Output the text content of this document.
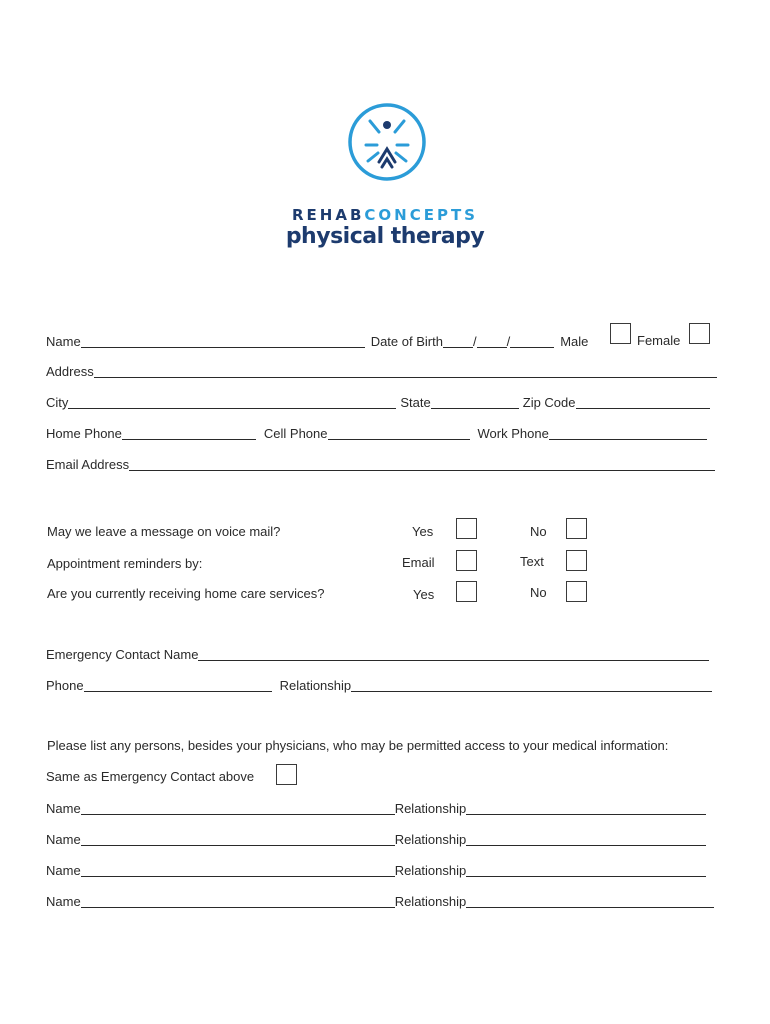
REHABCONCEPTS
physical therapy
Name	Date of Birth / /	Male	Female
Address
City	State	Zip Code
Home Phone	Cell Phone	Work Phone
Email Address
May we leave a message on voice mail?	Yes	No
Appointment reminders by:	Email	Text
Are you currently receiving home care services?	Yes	No
Emergency Contact Name
Phone	Relationship
Please list any persons, besides your physicians, who may be permitted access to your medical information:
Same as Emergency Contact above
Name	Relationship
Name	Relationship
Name	Relationship
Name	Relationship
